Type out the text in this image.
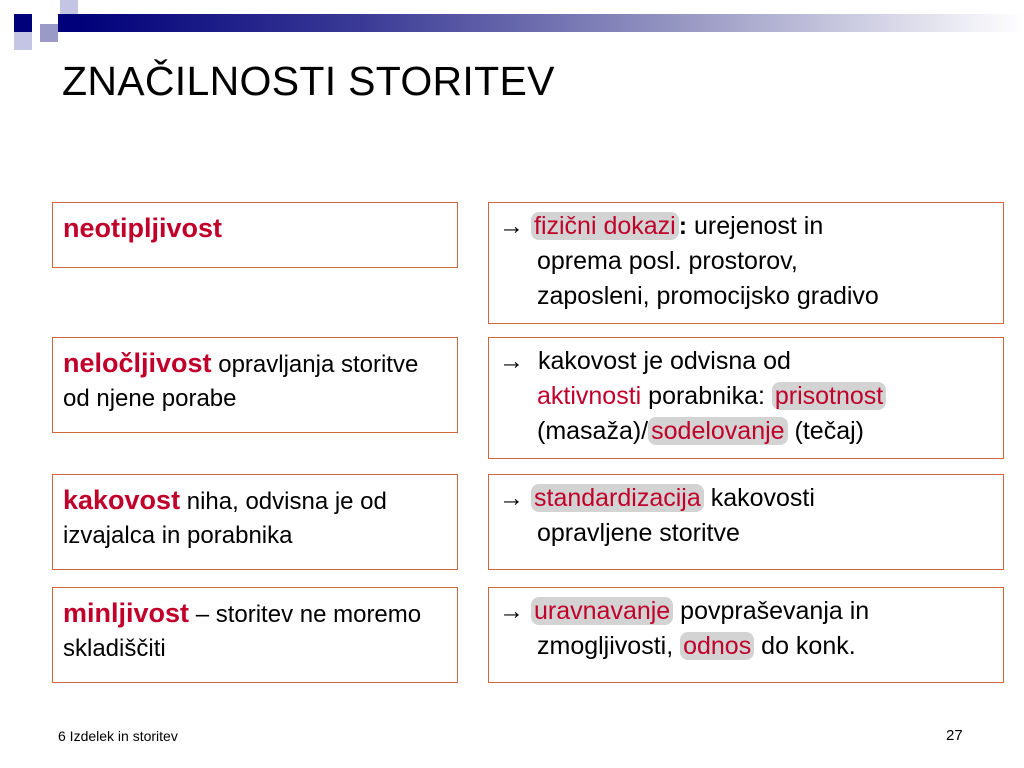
ZNAČILNOSTI STORITEV
neotipljivost	→ fizični dokazi : urejenost in
oprema posl. prostorov,
zaposleni, promocijsko gradivo
neločljivost opravljanja storitve od njene porabe
→ kakovost je odvisna od
aktivnosti porabnika: prisotnost
(masaža)/ sodelovanje (tečaj)
kakovost niha, odvisna je od izvajalca in porabnika
→ standardizacija kakovosti
opravljene storitve
minljivost – storitev ne moremo skladiščiti
→ uravnavanje povpraševanja in
zmogljivosti, odnos do konk.
6 Izdelek in storitev	27
